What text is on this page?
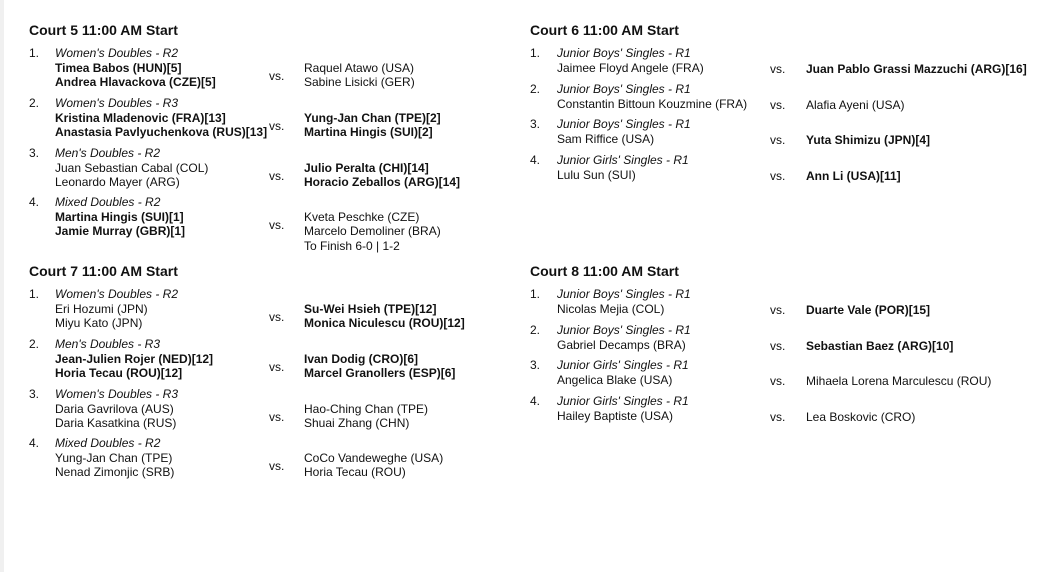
Court 5 11:00 AM Start
1. Women's Doubles - R2
Timea Babos (HUN)[5]
Andrea Hlavackova (CZE)[5]	vs.
Raquel Atawo (USA)
Sabine Lisicki (GER)
2. Women's Doubles - R3
Kristina Mladenovic (FRA)[13]
Anastasia Pavlyuchenkova (RUS)[13] vs.
Yung-Jan Chan (TPE)[2]
Martina Hingis (SUI)[2]
3. Men's Doubles - R2
Juan Sebastian Cabal (COL)
Leonardo Mayer (ARG)	vs.
Julio Peralta (CHI)[14]
Horacio Zeballos (ARG)[14]
4. Mixed Doubles - R2
Martina Hingis (SUI)[1]
Jamie Murray (GBR)[1]	vs.
Kveta Peschke (CZE)
Marcelo Demoliner (BRA)
To Finish 6-0 | 1-2
Court 6 11:00 AM Start
1. Junior Boys' Singles - R1
Jaimee Floyd Angele (FRA)	vs. Juan Pablo Grassi Mazzuchi (ARG)[16]
2. Junior Boys' Singles - R1
Constantin Bittoun Kouzmine (FRA) vs. Alafia Ayeni (USA)
3. Junior Boys' Singles - R1
Sam Riffice (USA)	vs. Yuta Shimizu (JPN)[4]
4. Junior Girls' Singles - R1
Lulu Sun (SUI)	vs. Ann Li (USA)[11]
Court 7 11:00 AM Start
1. Women's Doubles - R2
Eri Hozumi (JPN)
Miyu Kato (JPN)	vs.
Su-Wei Hsieh (TPE)[12]
Monica Niculescu (ROU)[12]
2. Men's Doubles - R3
Jean-Julien Rojer (NED)[12]
Horia Tecau (ROU)[12]	vs.
Ivan Dodig (CRO)[6]
Marcel Granollers (ESP)[6]
3. Women's Doubles - R3
Daria Gavrilova (AUS)
Daria Kasatkina (RUS)	vs.
Hao-Ching Chan (TPE)
Shuai Zhang (CHN)
4. Mixed Doubles - R2
Yung-Jan Chan (TPE)
Nenad Zimonjic (SRB)	vs.
CoCo Vandeweghe (USA)
Horia Tecau (ROU)
Court 8 11:00 AM Start
1. Junior Boys' Singles - R1
Nicolas Mejia (COL)	vs. Duarte Vale (POR)[15]
2. Junior Boys' Singles - R1
Gabriel Decamps (BRA)	vs. Sebastian Baez (ARG)[10]
3. Junior Girls' Singles - R1
Angelica Blake (USA)	vs. Mihaela Lorena Marculescu (ROU)
4. Junior Girls' Singles - R1
Hailey Baptiste (USA)	vs. Lea Boskovic (CRO)
